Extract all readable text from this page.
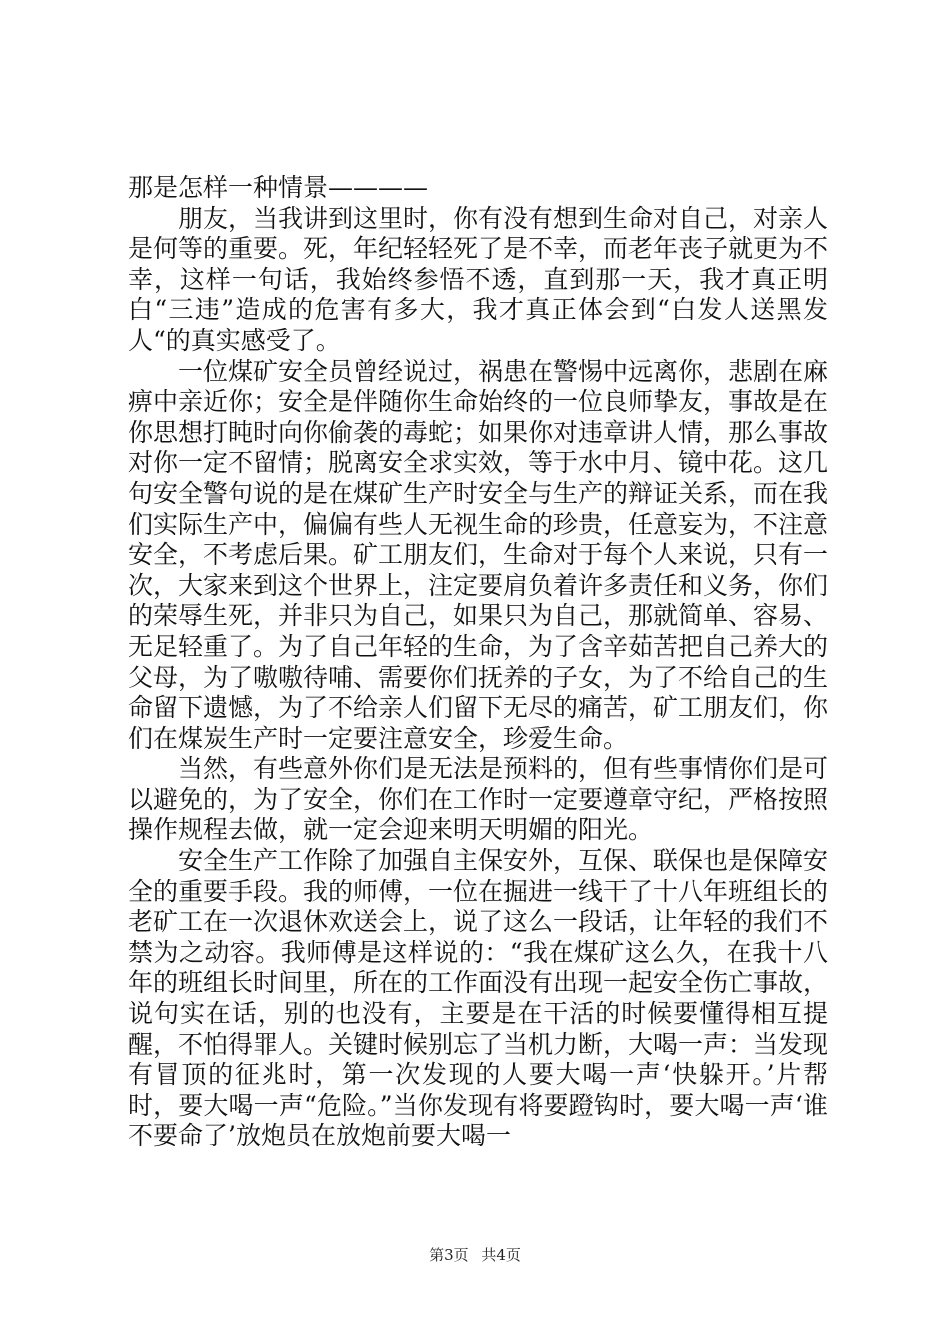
那是怎样一种情景————

朋友，当我讲到这里时，你有没有想到生命对自己，对亲人是何等的重要。死，年纪轻轻死了是不幸，而老年丧子就更为不幸，这样一句话，我始终参悟不透，直到那一天，我才真正明白“三违”造成的危害有多大，我才真正体会到“白发人送黑发人“的真实感受了。

一位煤矿安全员曾经说过，祸患在警惕中远离你，悲剧在麻痹中亲近你；安全是伴随你生命始终的一位良师挚友，事故是在你思想打盹时向你偷袭的毒蛇；如果你对违章讲人情，那么事故对你一定不留情；脱离安全求实效，等于水中月、镜中花。这几句安全警句说的是在煤矿生产时安全与生产的辩证关系，而在我们实际生产中，偏偏有些人无视生命的珍贵，任意妄为，不注意安全，不考虑后果。矿工朋友们，生命对于每个人来说，只有一次，大家来到这个世界上，注定要肩负着许多责任和义务，你们的荣辱生死，并非只为自己，如果只为自己，那就简单、容易、无足轻重了。为了自己年轻的生命，为了含辛茹苦把自己养大的父母，为了嗷嗷待哺、需要你们抚养的子女，为了不给自己的生命留下遗憾，为了不给亲人们留下无尽的痛苦，矿工朋友们，你们在煤炭生产时一定要注意安全，珍爱生命。

当然，有些意外你们是无法是预料的，但有些事情你们是可以避免的，为了安全，你们在工作时一定要遵章守纪，严格按照操作规程去做，就一定会迎来明天明媚的阳光。

安全生产工作除了加强自主保安外，互保、联保也是保障安全的重要手段。我的师傅，一位在掘进一线干了十八年班组长的老矿工在一次退休欢送会上，说了这么一段话，让年轻的我们不禁为之动容。我师傅是这样说的：“我在煤矿这么久，在我十八年的班组长时间里，所在的工作面没有出现一起安全伤亡事故，说句实在话，别的也没有，主要是在干活的时候要懂得相互提醒，不怕得罪人。关键时候别忘了当机力断，大喝一声：当发现有冒顶的征兆时，第一次发现的人要大喝一声‘快躲开。’片帮时，要大喝一声“危险。”当你发现有将要蹬钩时，要大喝一声‘谁不要命了’放炮员在放炮前要大喝一

第3页 共4页
